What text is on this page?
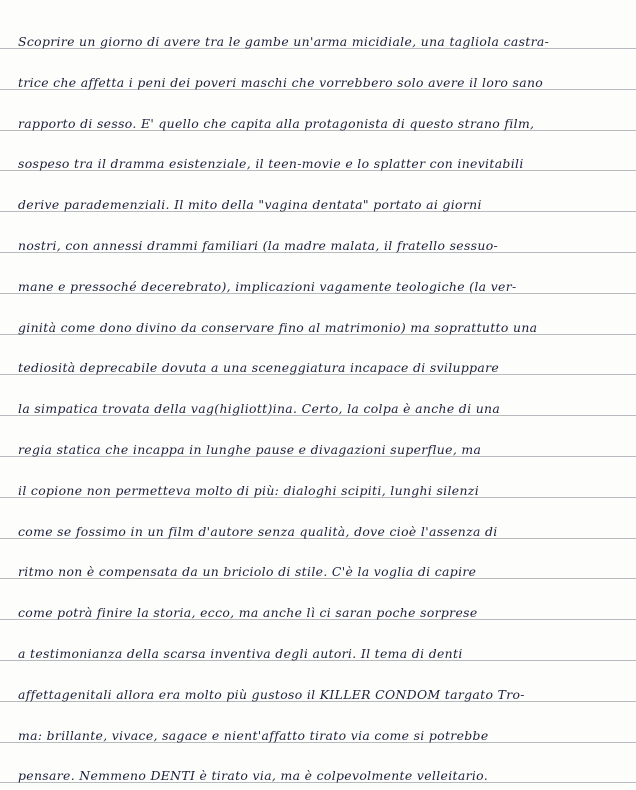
Scoprire un giorno di avere tra le gambe un'arma micidiale, una tagliola castra-
trice che affetta i peni dei poveri maschi che vorrebbero solo avere il loro sano
rapporto di sesso. E' quello che capita alla protagonista di questo strano film,
sospeso tra il dramma esistenziale, il teen-movie e lo splatter con inevitabili
derive parademenziali. Il mito della "vagina dentata" portato ai giorni
nostri, con annessi drammi familiari (la madre malata, il fratello sessuo-
mane e pressoché decerebrato), implicazioni vagamente teologiche (la ver-
ginità come dono divino da conservare fino al matrimonio) ma soprattutto una
tediosità deprecabile dovuta a una sceneggiatura incapace di sviluppare
la simpatica trovata della vag(higliott)ina. Certo, la colpa è anche di una
regia statica che incappa in lunghe pause e divagazioni superflue, ma
il copione non permetteva molto di più: dialoghi scipiti, lunghi silenzi
come se fossimo in un film d'autore senza qualità, dove cioè l'assenza di
ritmo non è compensata da un briciolo di stile. C'è la voglia di capire
come potrà finire la storia, ecco, ma anche lì ci saran poche sorprese
a testimonianza della scarsa inventiva degli autori. Il tema di denti
affettagenitali allora era molto più gustoso il KILLER CONDOM targato Tro-
ma: brillante, vivace, sagace e nient'affatto tirato via come si potrebbe
pensare. Nemmeno DENTI è tirato via, ma è colpevolmente velleitario.
